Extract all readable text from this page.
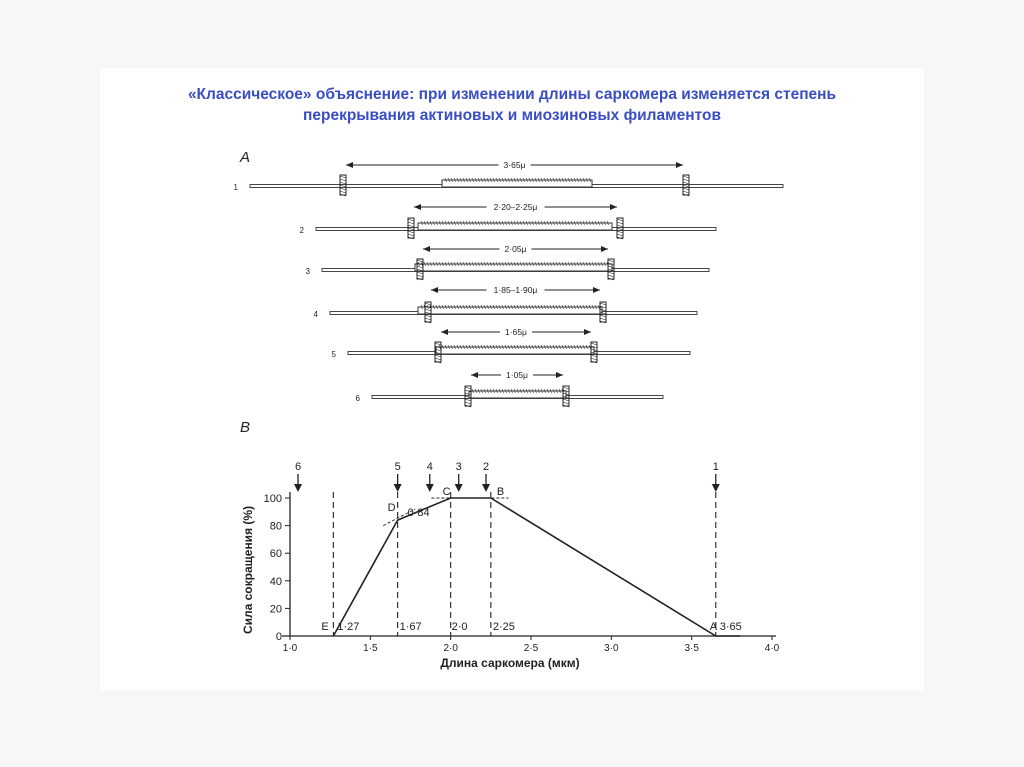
«Классическое» объяснение: при изменении длины саркомера изменяется степень
перекрывания актиновых и миозиновых филаментов
A
1
3·65μ
2
2·20–2·25μ
3
2·05μ
4
1·85–1·90μ
5
1·65μ
6
1·05μ
B
0
20
40
60
80
100
1·0	1·5	2·0	2·5	3·0	3·5	4·0
E 1·27	1·67	2·0 2·25	A 3·65
D 0·84
C	B
6	5 4 3 2	1
Длина саркомера (мкм)
Сила сокращения (%)
